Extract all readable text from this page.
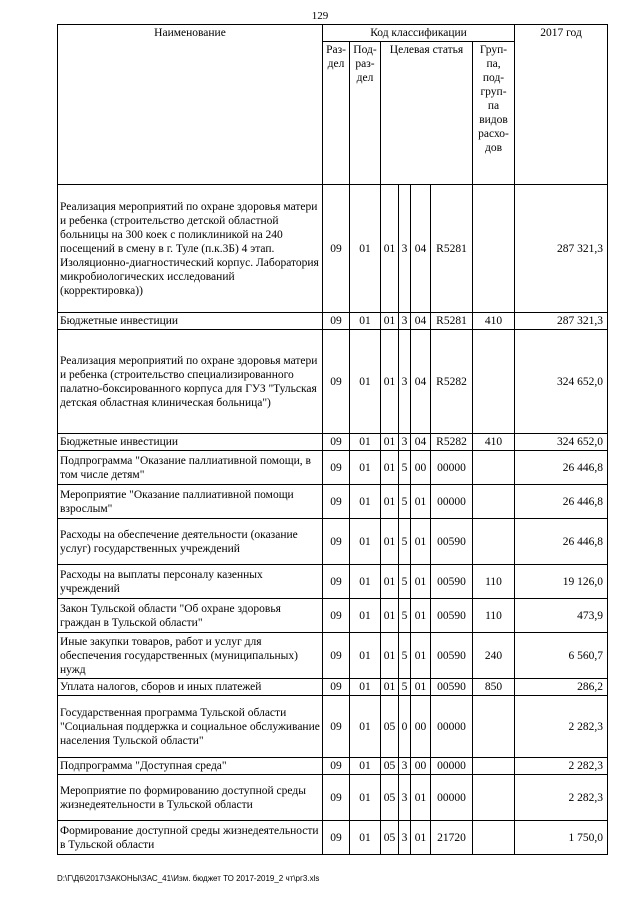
129
Наименование	Код классификации							2017 год
	Раз-дел	Под-раз-дел	Целевая статья				Груп-па, под-груп-па видов расхо-дов	
Реализация мероприятий по охране здоровья матери и ребенка (строительство детской областной больницы на 300 коек с поликлиникой на 240 посещений в смену в г. Туле (п.к.3Б) 4 этап. Изоляционно-диагностический корпус. Лаборатория микробиологических исследований (корректировка))	09	01	01	3	04	R5281		287 321,3
Бюджетные инвестиции	09	01	01	3	04	R5281	410	287 321,3
Реализация мероприятий по охране здоровья матери и ребенка (строительство специализированного палатно-боксированного корпуса для ГУЗ "Тульская детская областная клиническая больница")	09	01	01	3	04	R5282		324 652,0
Бюджетные инвестиции	09	01	01	3	04	R5282	410	324 652,0
Подпрограмма "Оказание паллиативной помощи, в том числе детям"	09	01	01	5	00	00000		26 446,8
Мероприятие "Оказание паллиативной помощи взрослым"	09	01	01	5	01	00000		26 446,8
Расходы на обеспечение деятельности (оказание услуг) государственных учреждений	09	01	01	5	01	00590		26 446,8
Расходы на выплаты персоналу казенных учреждений	09	01	01	5	01	00590	110	19 126,0
Закон Тульской области "Об охране здоровья граждан в Тульской области"	09	01	01	5	01	00590	110	473,9
Иные закупки товаров, работ и услуг для обеспечения государственных (муниципальных) нужд	09	01	01	5	01	00590	240	6 560,7
Уплата налогов, сборов и иных платежей	09	01	01	5	01	00590	850	286,2
Государственная программа Тульской области "Социальная поддержка и социальное обслуживание населения Тульской области"	09	01	05	0	00	00000		2 282,3
Подпрограмма "Доступная среда"	09	01	05	3	00	00000		2 282,3
Мероприятие по формированию доступной среды жизнедеятельности в Тульской области	09	01	05	3	01	00000		2 282,3
Формирование доступной среды жизнедеятельности в Тульской области	09	01	05	3	01	21720		1 750,0
D:\Г\Д6\2017\ЗАКОНЫ\ЗАС_41\Изм. бюджет ТО 2017-2019_2 чт\рг3.xls
